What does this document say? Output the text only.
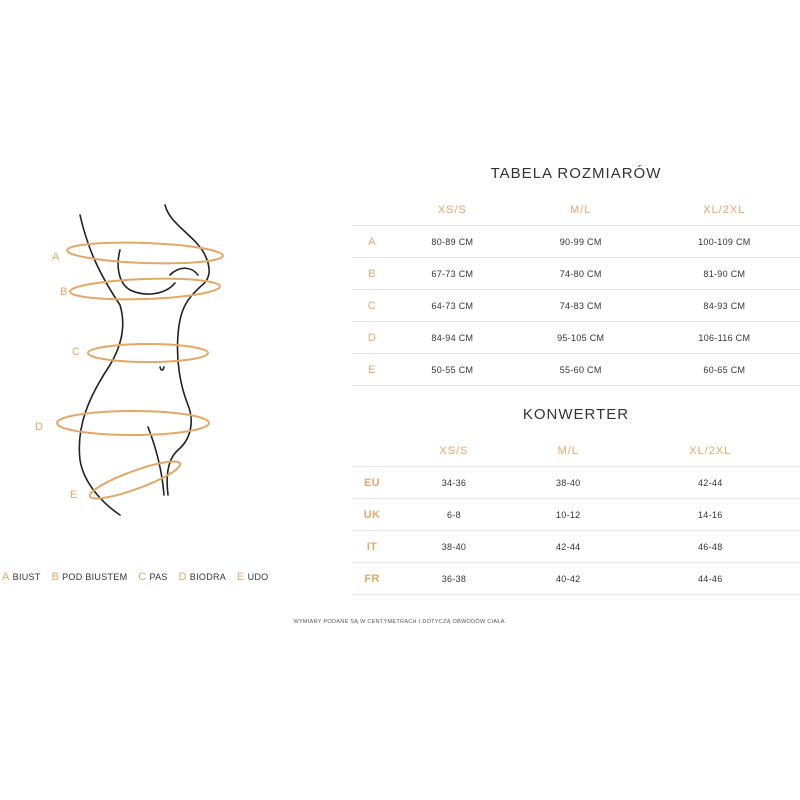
A
B
C
D
E
A BIUST B POD BIUSTEM C PAS D BIODRA E UDO
TABELA ROZMIARÓW
	XS/S	M/L	XL/2XL
A	80-89 CM	90-99 CM	100-109 CM
B	67-73 CM	74-80 CM	81-90 CM
C	64-73 CM	74-83 CM	84-93 CM
D	84-94 CM	95-105 CM	106-116 CM
E	50-55 CM	55-60 CM	60-65 CM
KONWERTER
	XS/S	M/L	XL/2XL
EU	34-36	38-40	42-44
UK	6-8	10-12	14-16
IT	38-40	42-44	46-48
FR	36-38	40-42	44-46
WYMIARY PODANE SĄ W CENTYMETRACH I DOTYCZĄ OBWODÓW CIAŁA.
